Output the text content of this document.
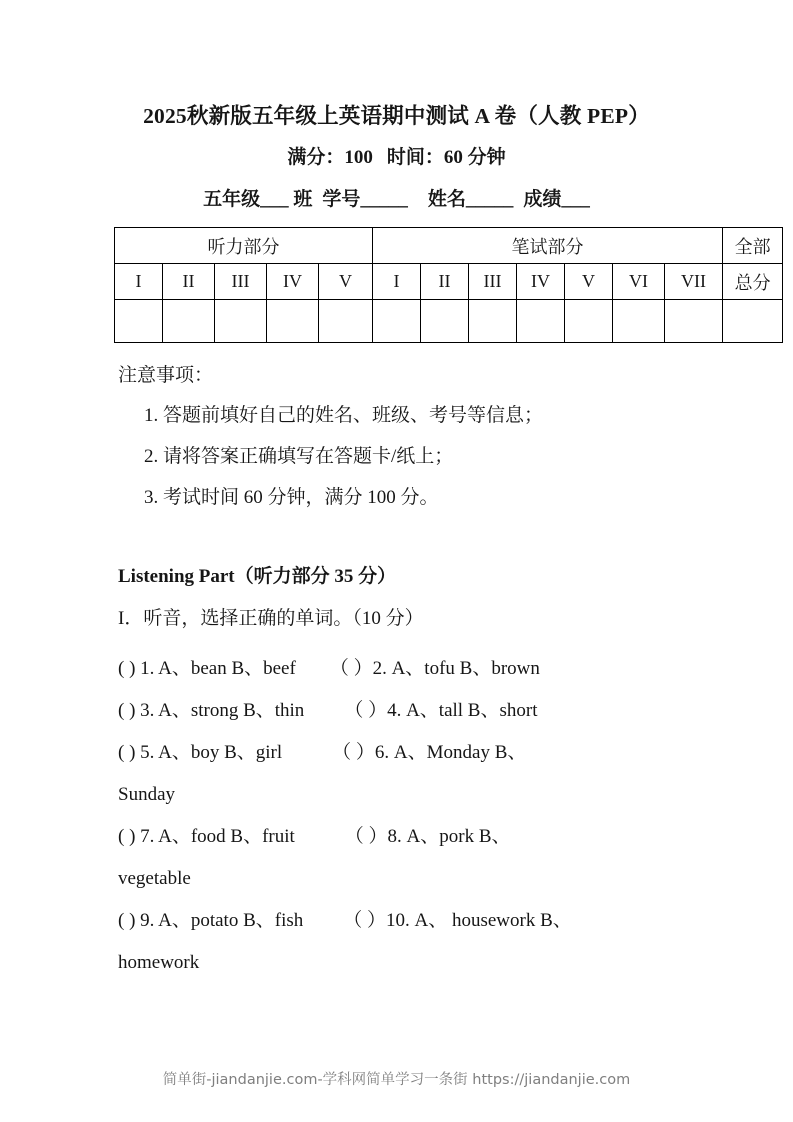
2025秋新版五年级上英语期中测试 A 卷（人教 PEP）
满分：100 时间：60 分钟
五年级___ 班 学号_____ 姓名_____ 成绩___
听力部分					笔试部分							全部
I	II	III	IV	V	I	II	III	IV	V	VI	VII	总分

注意事项：
1. 答题前填好自己的姓名、班级、考号等信息；
2. 请将答案正确填写在答题卡/纸上；
3. 考试时间 60 分钟，满分 100 分。
Listening Part（听力部分 35 分）
I．听音，选择正确的单词。（10 分）
( ) 1. A、bean B、beef （ ）2. A、tofu B、brown
( ) 3. A、strong B、thin （ ）4. A、tall B、short
( ) 5. A、boy B、girl	（ ）6. A、Monday B、
Sunday
( ) 7. A、food B、fruit	（ ）8. A、pork B、
vegetable
( ) 9. A、potato B、fish （ ）10. A、 housework B、
homework
简单街-jiandanjie.com-学科网简单学习一条街 https://jiandanjie.com
